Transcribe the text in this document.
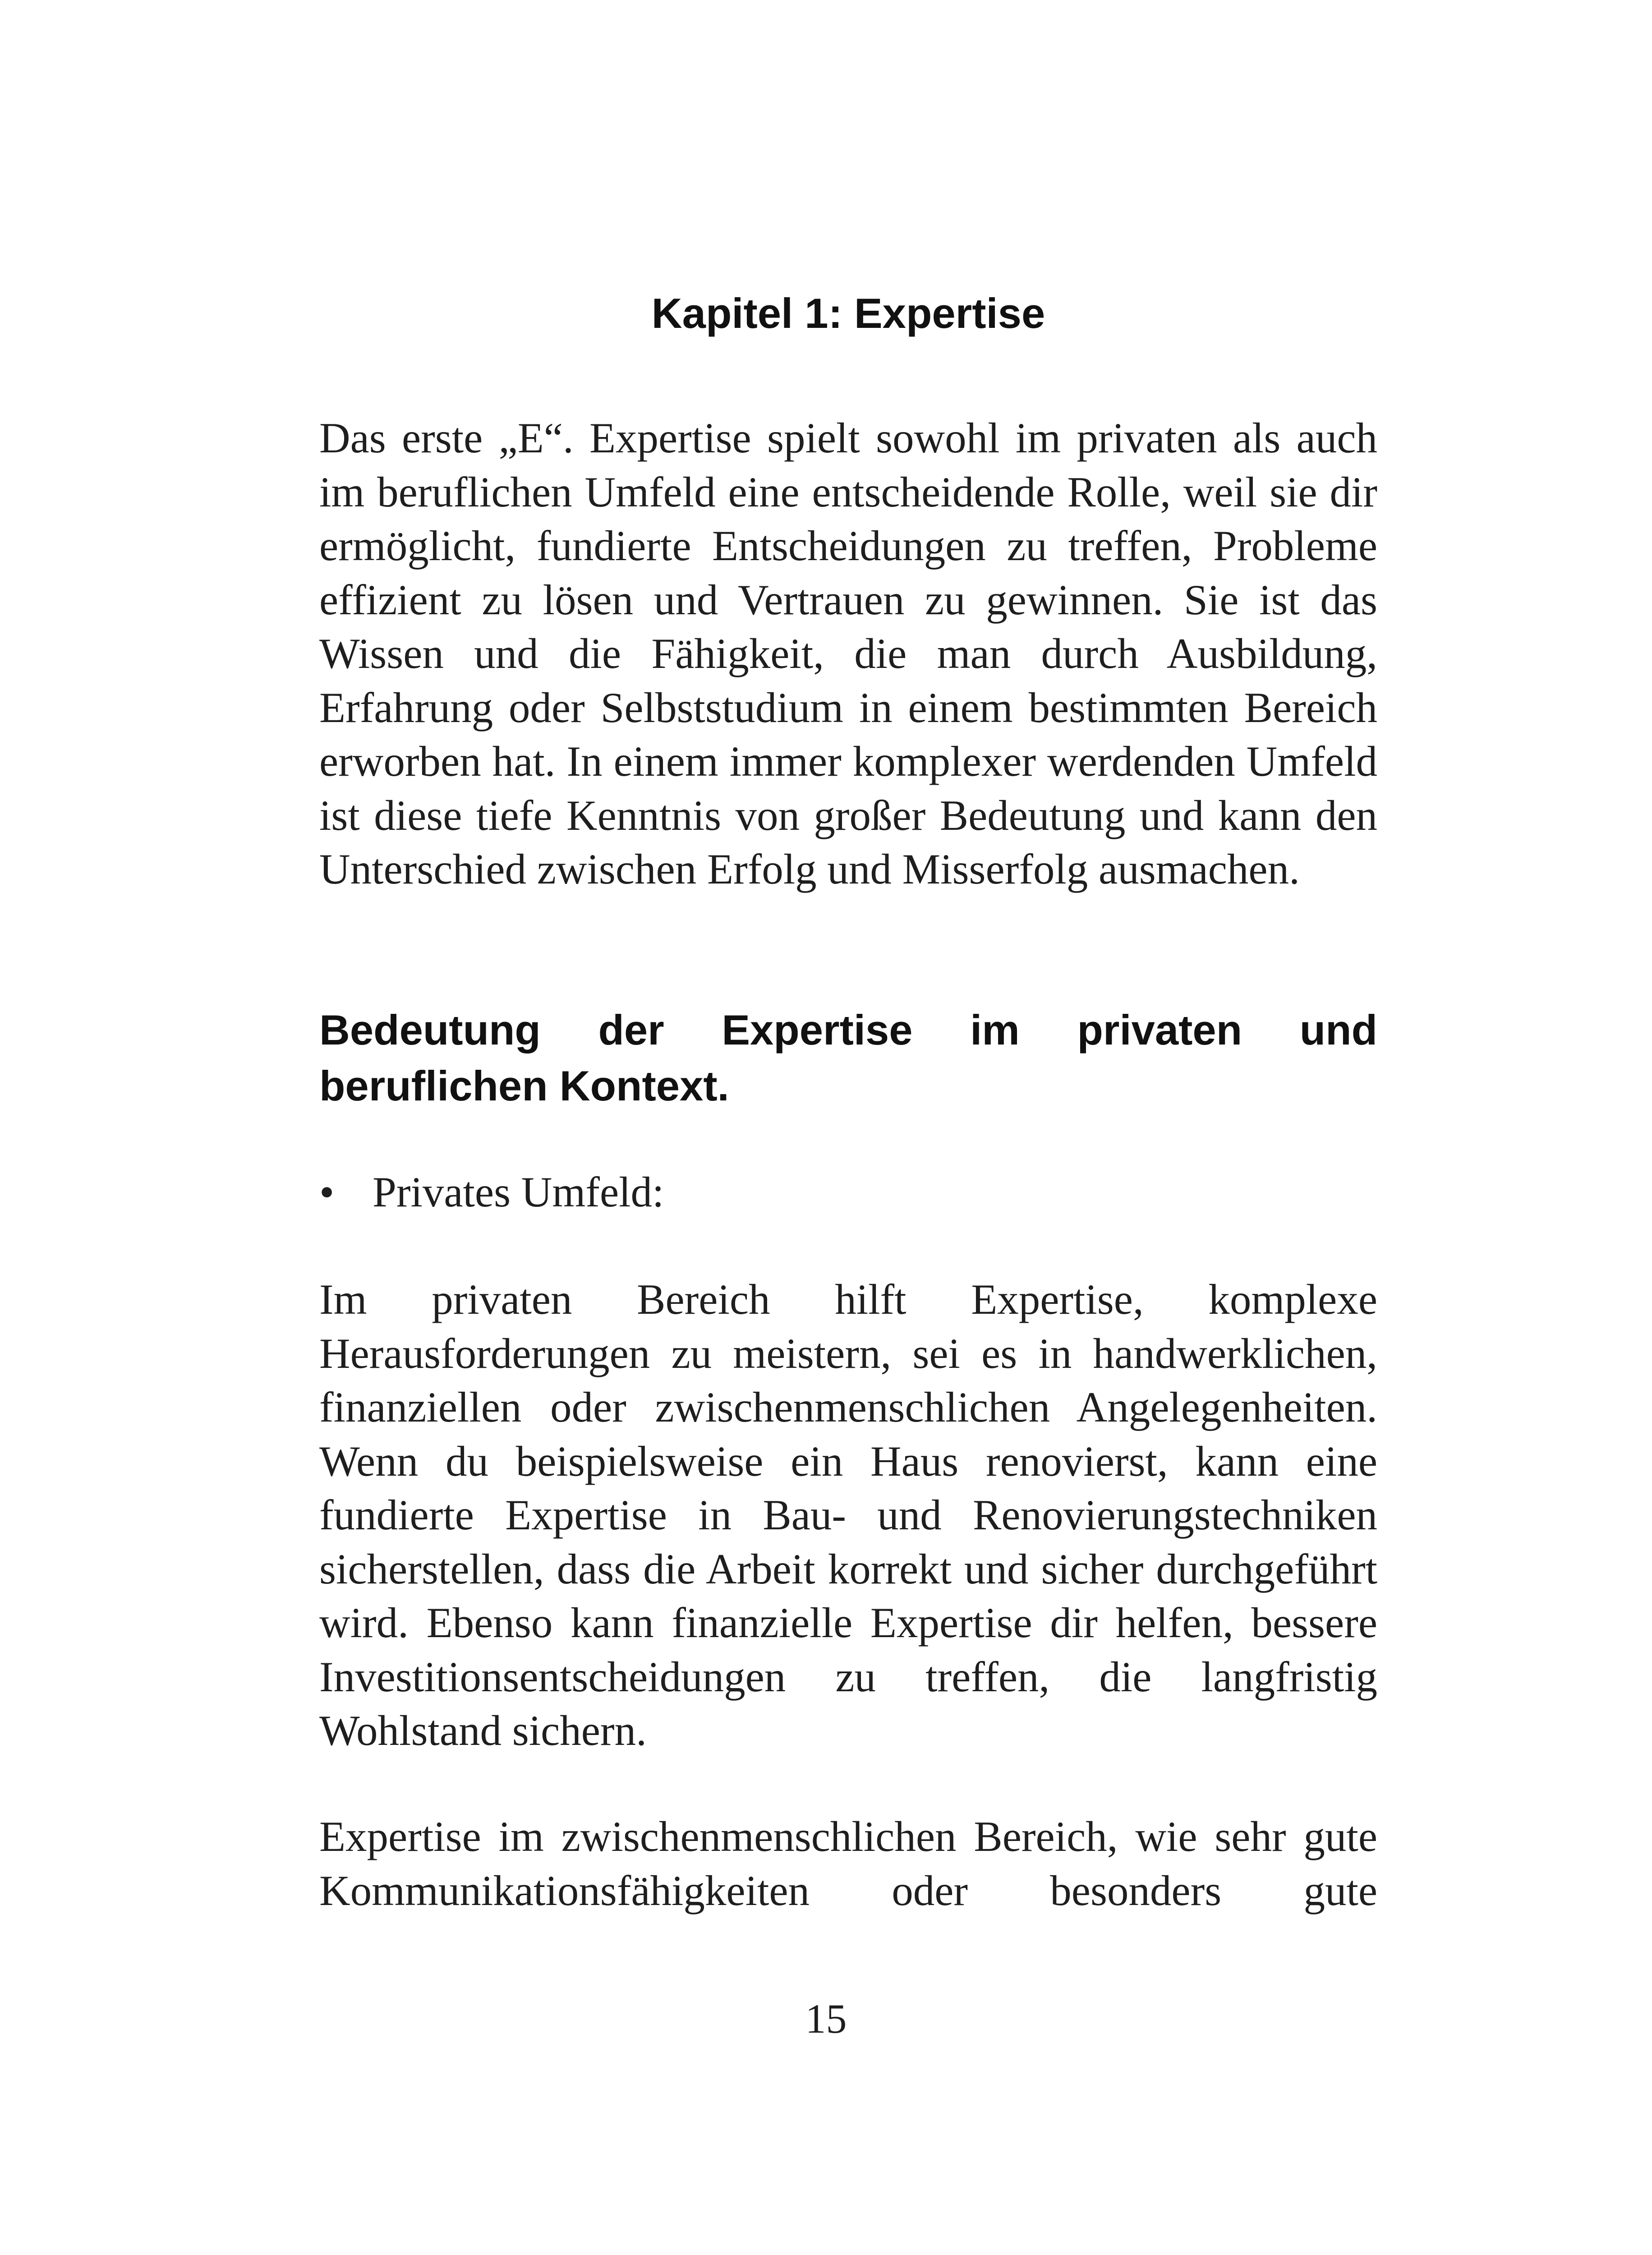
Kapitel 1: Expertise

Das erste „E“. Expertise spielt sowohl im privaten als auch im beruflichen Umfeld eine entscheidende Rolle, weil sie dir ermöglicht, fundierte Entscheidungen zu treffen, Probleme effizient zu lösen und Vertrauen zu gewinnen. Sie ist das Wissen und die Fähigkeit, die man durch Ausbildung, Erfahrung oder Selbststudium in einem bestimmten Bereich erworben hat. In einem immer komplexer werdenden Umfeld ist diese tiefe Kenntnis von großer Bedeutung und kann den Unterschied zwischen Erfolg und Misserfolg ausmachen.

Bedeutung der Expertise im privaten und beruflichen Kontext.
• Privates Umfeld:

Im privaten Bereich hilft Expertise, komplexe Herausforderungen zu meistern, sei es in handwerklichen, finanziellen oder zwischenmenschlichen Angelegenheiten. Wenn du beispielsweise ein Haus renovierst, kann eine fundierte Expertise in Bau- und Renovierungstechniken sicherstellen, dass die Arbeit korrekt und sicher durchgeführt wird. Ebenso kann finanzielle Expertise dir helfen, bessere Investitionsentscheidungen zu treffen, die langfristig Wohlstand sichern.

Expertise im zwischenmenschlichen Bereich, wie sehr gute Kommunikationsfähigkeiten oder besonders gute

15
